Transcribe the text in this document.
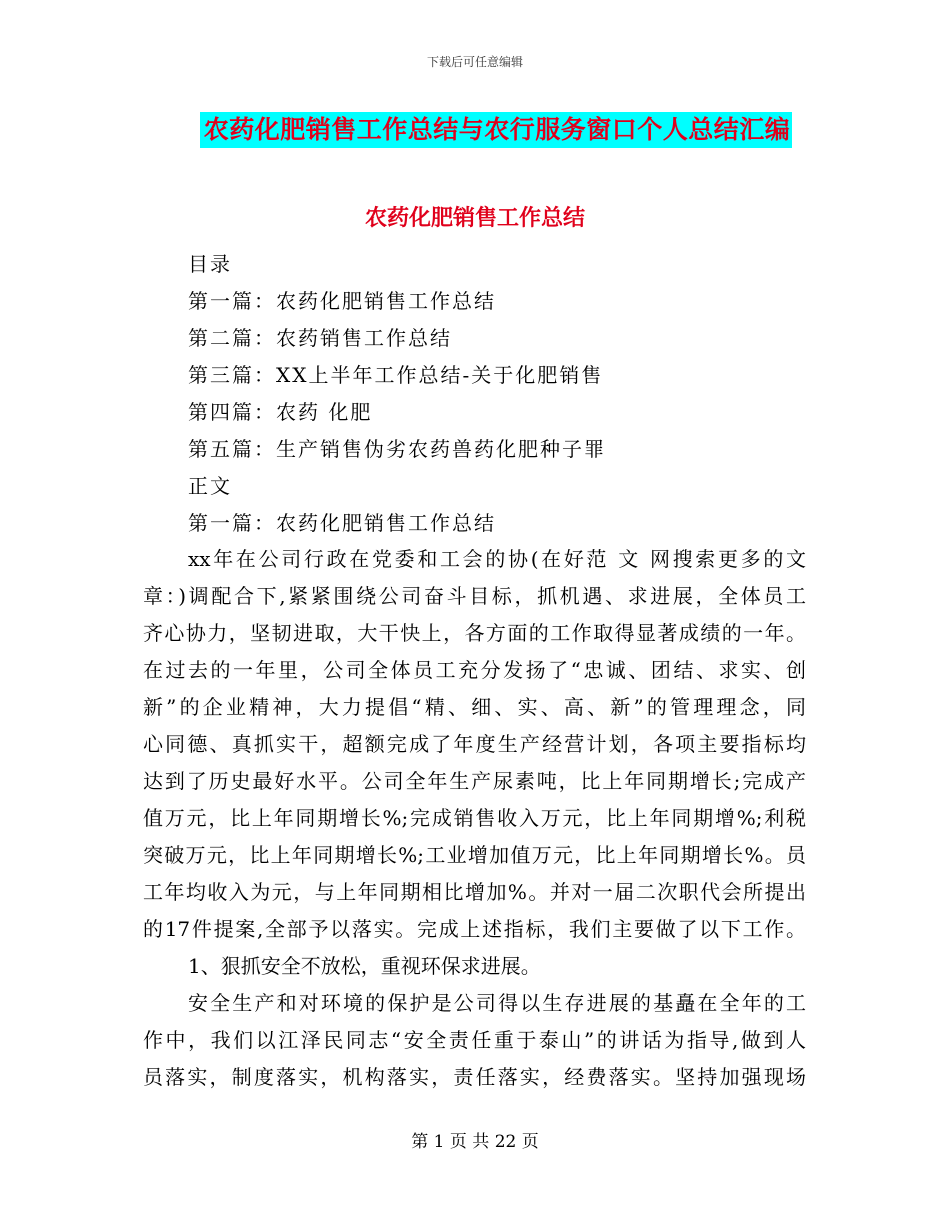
下载后可任意编辑
农药化肥销售工作总结与农行服务窗口个人总结汇编
农药化肥销售工作总结
目录
第一篇：农药化肥销售工作总结
第二篇：农药销售工作总结
第三篇：XX上半年工作总结-关于化肥销售
第四篇：农药 化肥
第五篇：生产销售伪劣农药兽药化肥种子罪
正文
第一篇：农药化肥销售工作总结
xx年在公司行政在党委和工会的协(在好范 文 网搜索更多的文
章：)调配合下,紧紧围绕公司奋斗目标，抓机遇、求进展，全体员工
齐心协力，坚韧进取，大干快上，各方面的工作取得显著成绩的一年。
在过去的一年里，公司全体员工充分发扬了“忠诚、团结、求实、创
新”的企业精神，大力提倡“精、细、实、高、新”的管理理念，同
心同德、真抓实干，超额完成了年度生产经营计划，各项主要指标均
达到了历史最好水平。公司全年生产尿素吨，比上年同期增长;完成产
值万元，比上年同期增长%;完成销售收入万元，比上年同期增%;利税
突破万元，比上年同期增长%;工业增加值万元，比上年同期增长%。员
工年均收入为元，与上年同期相比增加%。并对一届二次职代会所提出
的17件提案,全部予以落实。完成上述指标，我们主要做了以下工作。
1、狠抓安全不放松，重视环保求进展。
安全生产和对环境的保护是公司得以生存进展的基矗在全年的工
作中，我们以江泽民同志“安全责任重于泰山”的讲话为指导,做到人
员落实，制度落实，机构落实，责任落实，经费落实。坚持加强现场
第 1 页 共 22 页
